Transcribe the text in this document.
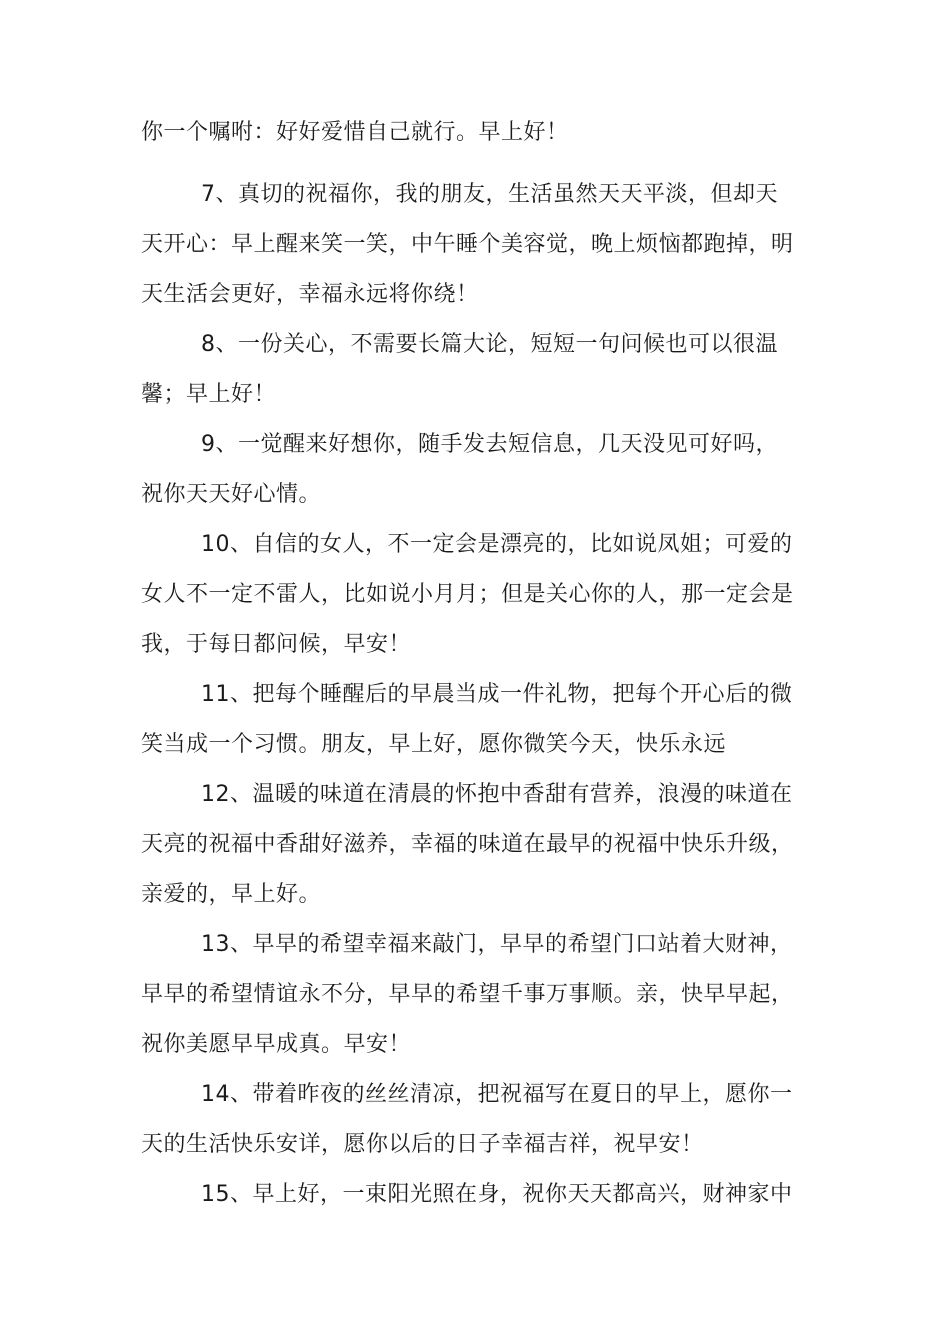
你一个嘱咐：好好爱惜自己就行。早上好！
7、真切的祝福你，我的朋友，生活虽然天天平淡，但却天
天开心：早上醒来笑一笑，中午睡个美容觉，晚上烦恼都跑掉，明
天生活会更好，幸福永远将你绕！
8、一份关心，不需要长篇大论，短短一句问候也可以很温
馨；早上好！
9、一觉醒来好想你，随手发去短信息，几天没见可好吗，
祝你天天好心情。
10、自信的女人，不一定会是漂亮的，比如说凤姐；可爱的
女人不一定不雷人，比如说小月月；但是关心你的人，那一定会是
我，于每日都问候，早安！
11、把每个睡醒后的早晨当成一件礼物，把每个开心后的微
笑当成一个习惯。朋友，早上好，愿你微笑今天，快乐永远
12、温暖的味道在清晨的怀抱中香甜有营养，浪漫的味道在
天亮的祝福中香甜好滋养，幸福的味道在最早的祝福中快乐升级，
亲爱的，早上好。
13、早早的希望幸福来敲门，早早的希望门口站着大财神，
早早的希望情谊永不分，早早的希望千事万事顺。亲，快早早起，
祝你美愿早早成真。早安！
14、带着昨夜的丝丝清凉，把祝福写在夏日的早上，愿你一
天的生活快乐安详，愿你以后的日子幸福吉祥，祝早安！
15、早上好，一束阳光照在身，祝你天天都高兴，财神家中
